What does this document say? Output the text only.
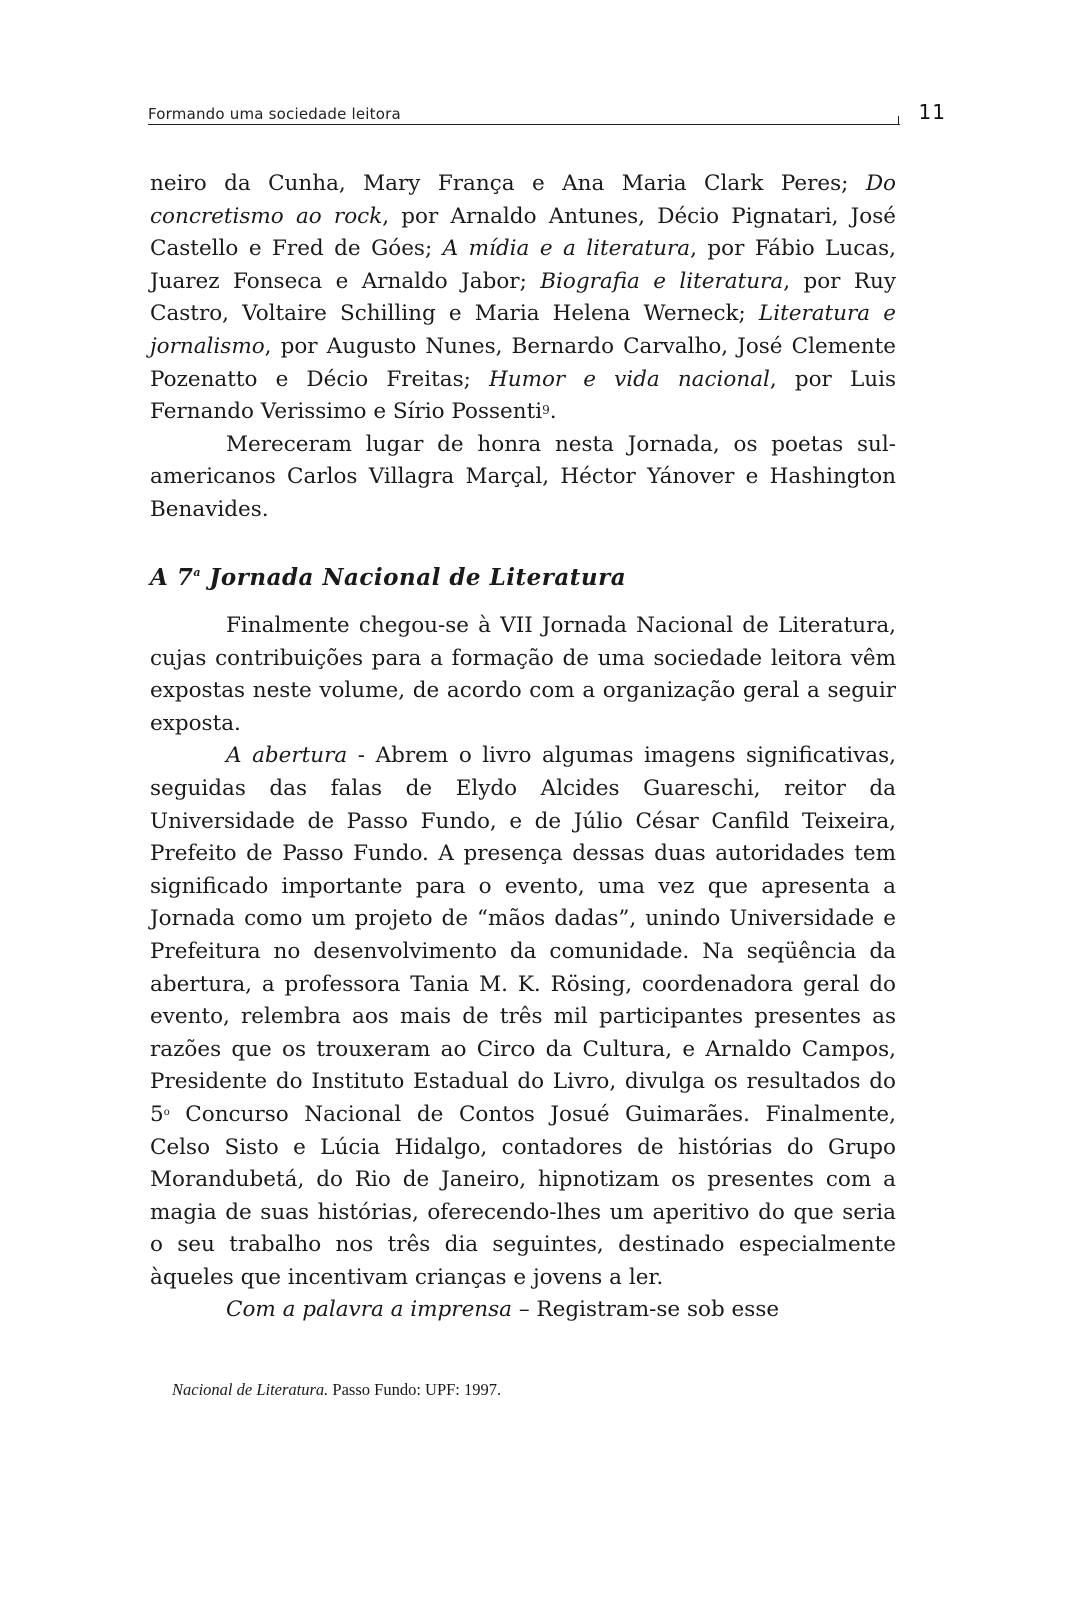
Formando uma sociedade leitora	11

neiro da Cunha, Mary França e Ana Maria Clark Peres; Do concretismo ao rock, por Arnaldo Antunes, Décio Pignatari, José Castello e Fred de Góes; A mídia e a literatura, por Fábio Lucas, Juarez Fonseca e Arnaldo Jabor; Biografia e literatura, por Ruy Castro, Voltaire Schilling e Maria Helena Werneck; Literatura e jornalismo, por Augusto Nunes, Bernardo Carvalho, José Clemente Pozenatto e Décio Freitas; Humor e vida nacional, por Luis Fernando Verissimo e Sírio Possenti$^9$.

Mereceram lugar de honra nesta Jornada, os poetas sul-americanos Carlos Villagra Marçal, Héctor Yánover e Hashington Benavides.

A 7$^a$ Jornada Nacional de Literatura

Finalmente chegou-se à VII Jornada Nacional de Literatura, cujas contribuições para a formação de uma sociedade leitora vêm expostas neste volume, de acordo com a organização geral a seguir exposta.

A abertura - Abrem o livro algumas imagens significativas, seguidas das falas de Elydo Alcides Guareschi, reitor da Universidade de Passo Fundo, e de Júlio César Canfild Teixeira, Prefeito de Passo Fundo. A presença dessas duas autoridades tem significado importante para o evento, uma vez que apresenta a Jornada como um projeto de “mãos dadas”, unindo Universidade e Prefeitura no desenvolvimento da comunidade. Na seqüência da abertura, a professora Tania M. K. Rösing, coordenadora geral do evento, relembra aos mais de três mil participantes presentes as razões que os trouxeram ao Circo da Cultura, e Arnaldo Campos, Presidente do Instituto Estadual do Livro, divulga os resultados do 5$^o$ Concurso Nacional de Contos Josué Guimarães. Finalmente, Celso Sisto e Lúcia Hidalgo, contadores de histórias do Grupo Morandubetá, do Rio de Janeiro, hipnotizam os presentes com a magia de suas histórias, oferecendo-lhes um aperitivo do que seria o seu trabalho nos três dia seguintes, destinado especialmente àqueles que incentivam crianças e jovens a ler.

Com a palavra a imprensa – Registram-se sob esse

Nacional de Literatura. Passo Fundo: UPF: 1997.
